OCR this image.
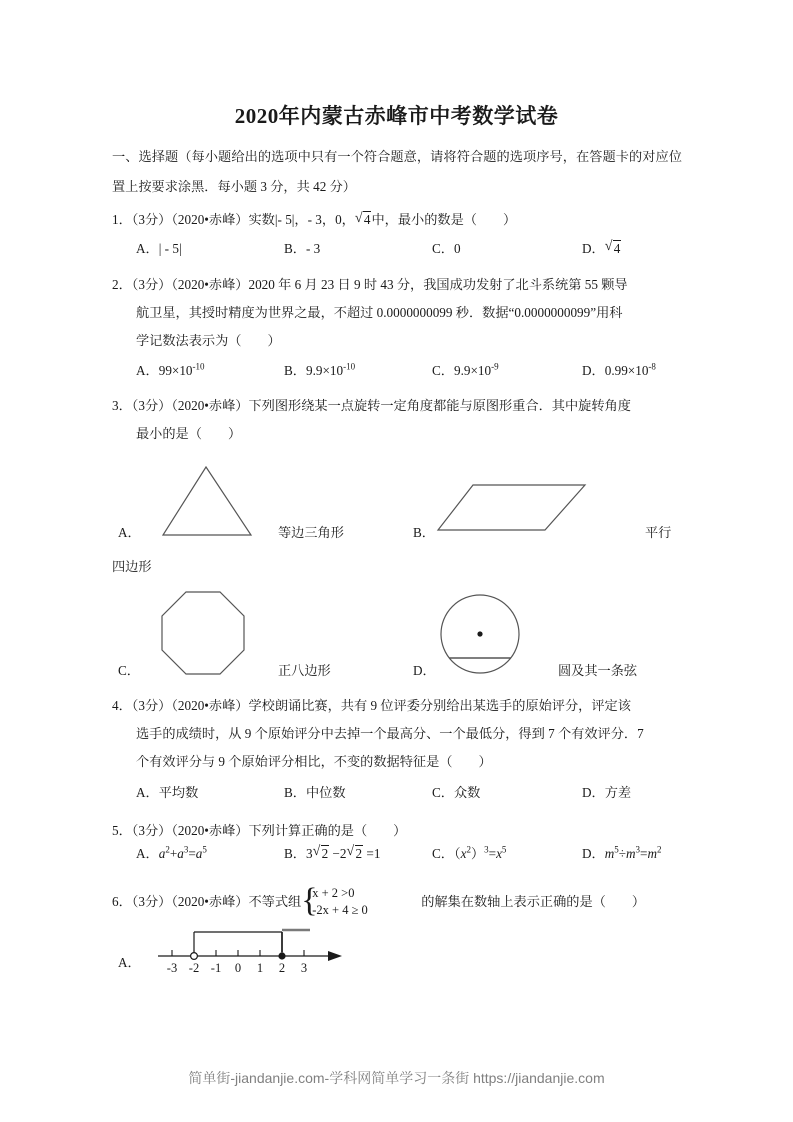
2020年内蒙古赤峰市中考数学试卷
一、选择题（每小题给出的选项中只有一个符合题意，请将符合题的选项序号，在答题卡的对应位置上按要求涂黑．每小题 3 分，共 42 分）
1．（3分）（2020•赤峰）实数|- 5|，- 3，0， √ 4中，最小的数是（ ）
A．| - 5|	B．- 3	C．0	D． √ 4
2．（3分）（2020•赤峰）2020 年 6 月 23 日 9 时 43 分，我国成功发射了北斗系统第 55 颗导
航卫星，其授时精度为世界之最，不超过 0.0000000099 秒．数据“0.0000000099”用科
学记数法表示为（ ）
A．$99\times 10^{-10}$	B．$9.9\times 10^{-10}$	C．$9.9\times 10^{-9}$	D．$0.99\times 10^{-8}$
3．（3分）（2020•赤峰）下列图形绕某一点旋转一定角度都能与原图形重合．其中旋转角度
最小的是（ ）
A．	等边三角形	B．	平行
四边形
C．	正八边形	D．	圆及其一条弦
4．（3分）（2020•赤峰）学校朗诵比赛，共有 9 位评委分别给出某选手的原始评分，评定该
选手的成绩时，从 9 个原始评分中去掉一个最高分、一个最低分，得到 7 个有效评分．7
个有效评分与 9 个原始评分相比，不变的数据特征是（ ）
A．平均数	B．中位数	C．众数	D．方差
5．（3分）（2020•赤峰）下列计算正确的是（ ）
A．$a^2+a^3=a^5$	B．3 √ 2 −2 √ 2 =1	C．$(x^2)^3=x^5$	D．$m^5\div m^3=m^2$
6．（3分）（2020•赤峰）不等式组 {
x + 2 >0
-2x + 4 ≥ 0
的解集在数轴上表示正确的是（ ）
A． -3 -2 -1 0 1 2 3
简单街-jiandanjie.com-学科网简单学习一条街 https://jiandanjie.com
